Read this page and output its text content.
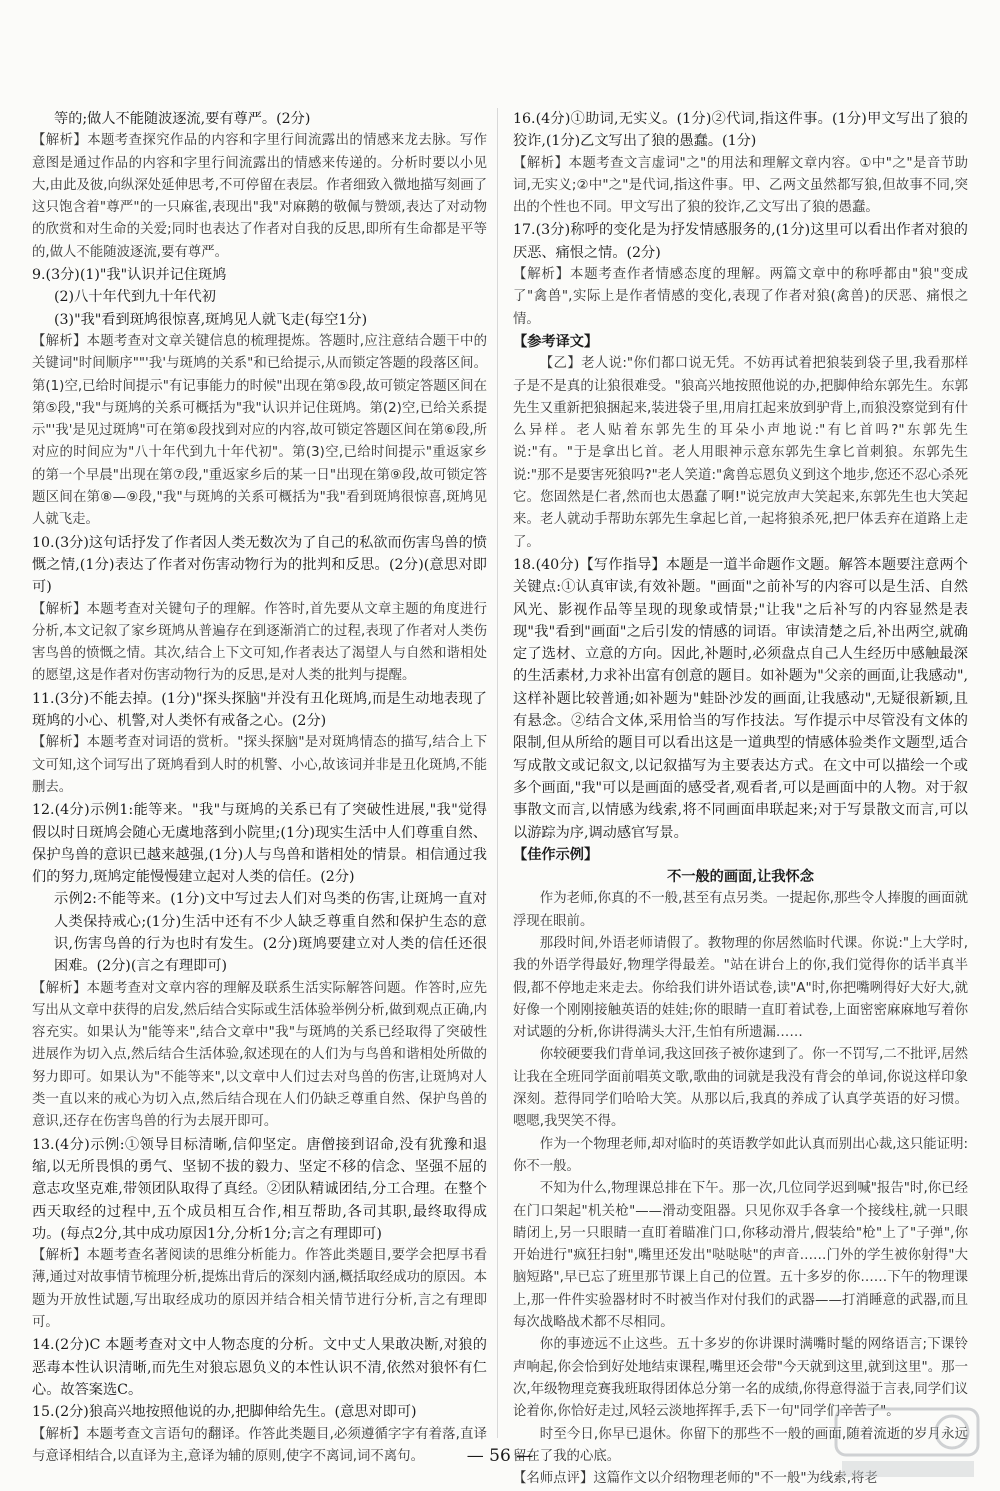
等的;做人不能随波逐流,要有尊严。(2分)

【解析】本题考查探究作品的内容和字里行间流露出的情感来龙去脉。写作意图是通过作品的内容和字里行间流露出的情感来传递的。分析时要以小见大,由此及彼,向纵深处延伸思考,不可停留在表层。作者细致入微地描写刻画了这只饱含着"尊严"的一只麻雀,表现出"我"对麻鹅的敬佩与赞颂,表达了对动物的欣赏和对生命的关爱;同时也表达了作者对自我的反思,即所有生命都是平等的,做人不能随波逐流,要有尊严。

9.(3分)(1)"我"认识并记住斑鸠

(2)八十年代到九十年代初

(3)"我"看到斑鸠很惊喜,斑鸠见人就飞走(每空1分)

【解析】本题考查对文章关键信息的梳理提炼。答题时,应注意结合题干中的关键词"时间顺序""'我'与斑鸠的关系"和已给提示,从而锁定答题的段落区间。第(1)空,已给时间提示"有记事能力的时候"出现在第⑤段,故可锁定答题区间在第⑤段,"我"与斑鸠的关系可概括为"我"认识并记住斑鸠。第(2)空,已给关系提示"'我'是见过斑鸠"可在第⑥段找到对应的内容,故可锁定答题区间在第⑥段,所对应的时间应为"八十年代到九十年代初"。第(3)空,已给时间提示"重返家乡的第一个早晨"出现在第⑦段,"重返家乡后的某一日"出现在第⑨段,故可锁定答题区间在第⑧—⑨段,"我"与斑鸠的关系可概括为"我"看到斑鸠很惊喜,斑鸠见人就飞走。

10.(3分)这句话抒发了作者因人类无数次为了自己的私欲而伤害鸟兽的愤慨之情,(1分)表达了作者对伤害动物行为的批判和反思。(2分)(意思对即可)

【解析】本题考查对关键句子的理解。作答时,首先要从文章主题的角度进行分析,本文记叙了家乡斑鸠从普遍存在到逐渐消亡的过程,表现了作者对人类伤害鸟兽的愤慨之情。其次,结合上下文可知,作者表达了渴望人与自然和谐相处的愿望,这是作者对伤害动物行为的反思,是对人类的批判与提醒。

11.(3分)不能去掉。(1分)"探头探脑"并没有丑化斑鸠,而是生动地表现了斑鸠的小心、机警,对人类怀有戒备之心。(2分)

【解析】本题考查对词语的赏析。"探头探脑"是对斑鸠情态的描写,结合上下文可知,这个词写出了斑鸠看到人时的机警、小心,故该词并非是丑化斑鸠,不能删去。

12.(4分)示例1:能等来。"我"与斑鸠的关系已有了突破性进展,"我"觉得假以时日斑鸠会随心无虞地落到小院里;(1分)现实生活中人们尊重自然、保护鸟兽的意识已越来越强,(1分)人与鸟兽和谐相处的情景。相信通过我们的努力,斑鸠定能慢慢建立起对人类的信任。(2分)

示例2:不能等来。(1分)文中写过去人们对鸟类的伤害,让斑鸠一直对人类保持戒心;(1分)生活中还有不少人缺乏尊重自然和保护生态的意识,伤害鸟兽的行为也时有发生。(2分)斑鸠要建立对人类的信任还很困难。(2分)(言之有理即可)

【解析】本题考查对文章内容的理解及联系生活实际解答问题。作答时,应先写出从文章中获得的启发,然后结合实际或生活体验举例分析,做到观点正确,内容充实。如果认为"能等来",结合文章中"我"与斑鸠的关系已经取得了突破性进展作为切入点,然后结合生活体验,叙述现在的人们为与鸟兽和谐相处所做的努力即可。如果认为"不能等来",以文章中人们过去对鸟兽的伤害,让斑鸠对人类一直以来的戒心为切入点,然后结合现在人们仍缺乏尊重自然、保护鸟兽的意识,还存在伤害鸟兽的行为去展开即可。

13.(4分)示例:①领导目标清晰,信仰坚定。唐僧接到诏命,没有犹豫和退缩,以无所畏惧的勇气、坚韧不拔的毅力、坚定不移的信念、坚强不屈的意志攻坚克难,带领团队取得了真经。②团队精诚团结,分工合理。在整个西天取经的过程中,五个成员相互合作,相互帮助,各司其职,最终取得成功。(每点2分,其中成功原因1分,分析1分;言之有理即可)

【解析】本题考查名著阅读的思维分析能力。作答此类题目,要学会把厚书看薄,通过对故事情节梳理分析,提炼出背后的深刻内涵,概括取经成功的原因。本题为开放性试题,写出取经成功的原因并结合相关情节进行分析,言之有理即可。

14.(2分)C 本题考查对文中人物态度的分析。文中丈人果敢决断,对狼的恶毒本性认识清晰,而先生对狼忘恩负义的本性认识不清,依然对狼怀有仁心。故答案选C。

15.(2分)狼高兴地按照他说的办,把脚伸给先生。(意思对即可)

【解析】本题考查文言语句的翻译。作答此类题目,必须遵循字字有着落,直译与意译相结合,以直译为主,意译为辅的原则,使字不离词,词不离句。

16.(4分)①助词,无实义。(1分)②代词,指这件事。(1分)甲文写出了狼的狡诈,(1分)乙文写出了狼的愚蠢。(1分)

【解析】本题考查文言虚词"之"的用法和理解文章内容。①中"之"是音节助词,无实义;②中"之"是代词,指这件事。甲、乙两文虽然都写狼,但故事不同,突出的个性也不同。甲文写出了狼的狡诈,乙文写出了狼的愚蠢。

17.(3分)称呼的变化是为抒发情感服务的,(1分)这里可以看出作者对狼的厌恶、痛恨之情。(2分)

【解析】本题考查作者情感态度的理解。两篇文章中的称呼都由"狼"变成了"禽兽",实际上是作者情感的变化,表现了作者对狼(禽兽)的厌恶、痛恨之情。

【参考译文】

【乙】老人说:"你们都口说无凭。不妨再试着把狼装到袋子里,我看那样子是不是真的让狼很难受。"狼高兴地按照他说的办,把脚伸给东郭先生。东郭先生又重新把狼捆起来,装进袋子里,用肩扛起来放到驴背上,而狼没察觉到有什么异样。老人贴着东郭先生的耳朵小声地说:"有匕首吗?"东郭先生说:"有。"于是拿出匕首。老人用眼神示意东郭先生拿匕首刺狼。东郭先生说:"那不是要害死狼吗?"老人笑道:"禽兽忘恩负义到这个地步,您还不忍心杀死它。您固然是仁者,然而也太愚蠢了啊!"说完放声大笑起来,东郭先生也大笑起来。老人就动手帮助东郭先生拿起匕首,一起将狼杀死,把尸体丢弃在道路上走了。

18.(40分)【写作指导】本题是一道半命题作文题。解答本题要注意两个关键点:①认真审读,有效补题。"画面"之前补写的内容可以是生活、自然风光、影视作品等呈现的现象或情景;"让我"之后补写的内容显然是表现"我"看到"画面"之后引发的情感的词语。审读清楚之后,补出两空,就确定了选材、立意的方向。因此,补题时,必须盘点自己人生经历中感触最深的生活素材,力求补出富有创意的题目。如补题为"父亲的画面,让我感动",这样补题比较普通;如补题为"蛙卧沙发的画面,让我感动",无疑很新颖,且有悬念。②结合文体,采用恰当的写作技法。写作提示中尽管没有文体的限制,但从所给的题目可以看出这是一道典型的情感体验类作文题型,适合写成散文或记叙文,以记叙描写为主要表达方式。在文中可以描绘一个或多个画面,"我"可以是画面的感受者,观看者,可以是画面中的人物。对于叙事散文而言,以情感为线索,将不同画面串联起来;对于写景散文而言,可以以游踪为序,调动感官写景。

【佳作示例】

不一般的画面,让我怀念

作为老师,你真的不一般,甚至有点另类。一提起你,那些令人捧腹的画面就浮现在眼前。

那段时间,外语老师请假了。教物理的你居然临时代课。你说:"上大学时,我的外语学得最好,物理学得最差。"站在讲台上的你,我们觉得你的话半真半假,都不停地走来走去。你给我们讲外语试卷,读"A"时,你把嘴咧得好大好大,就好像一个刚刚接触英语的娃娃;你的眼睛一直盯着试卷,上面密密麻麻地写着你对试题的分析,你讲得满头大汗,生怕有所遗漏……

你较硬要我们背单词,我这回孩子被你逮到了。你一不罚写,二不批评,居然让我在全班同学面前唱英文歌,歌曲的词就是我没有背会的单词,你说这样印象深刻。惹得同学们哈哈大笑。从那以后,我真的养成了认真学英语的好习惯。嗯嗯,我哭笑不得。

作为一个物理老师,却对临时的英语教学如此认真而别出心裁,这只能证明:你不一般。

不知为什么,物理课总排在下午。那一次,几位同学迟到喊"报告"时,你已经在门口架起"机关枪"——滑动变阻器。只见你双手各拿一个接线柱,就一只眼睛闭上,另一只眼睛一直盯着瞄准门口,你移动滑片,假装给"枪"上了"子弹",你开始进行"疯狂扫射",嘴里还发出"哒哒哒"的声音……门外的学生被你射得"大脑短路",早已忘了班里那节课上自己的位置。五十多岁的你……下午的物理课上,那一件件实验器材时不时被当作对付我们的武器——打消睡意的武器,而且每次战略战术都不尽相同。

你的事迹远不止这些。五十多岁的你讲课时满嘴时髦的网络语言;下课铃声响起,你会恰到好处地结束课程,嘴里还会带"今天就到这里,就到这里"。那一次,年级物理竞赛我班取得团体总分第一名的成绩,你得意得溢于言表,同学们议论着你,你恰好走过,风轻云淡地挥挥手,丢下一句"同学们辛苦了"。

时至今日,你早已退休。你留下的那些不一般的画面,随着流逝的岁月永远留在了我的心底。

【名师点评】这篇作文以介绍物理老师的"不一般"为线索,将老

— 56 —
